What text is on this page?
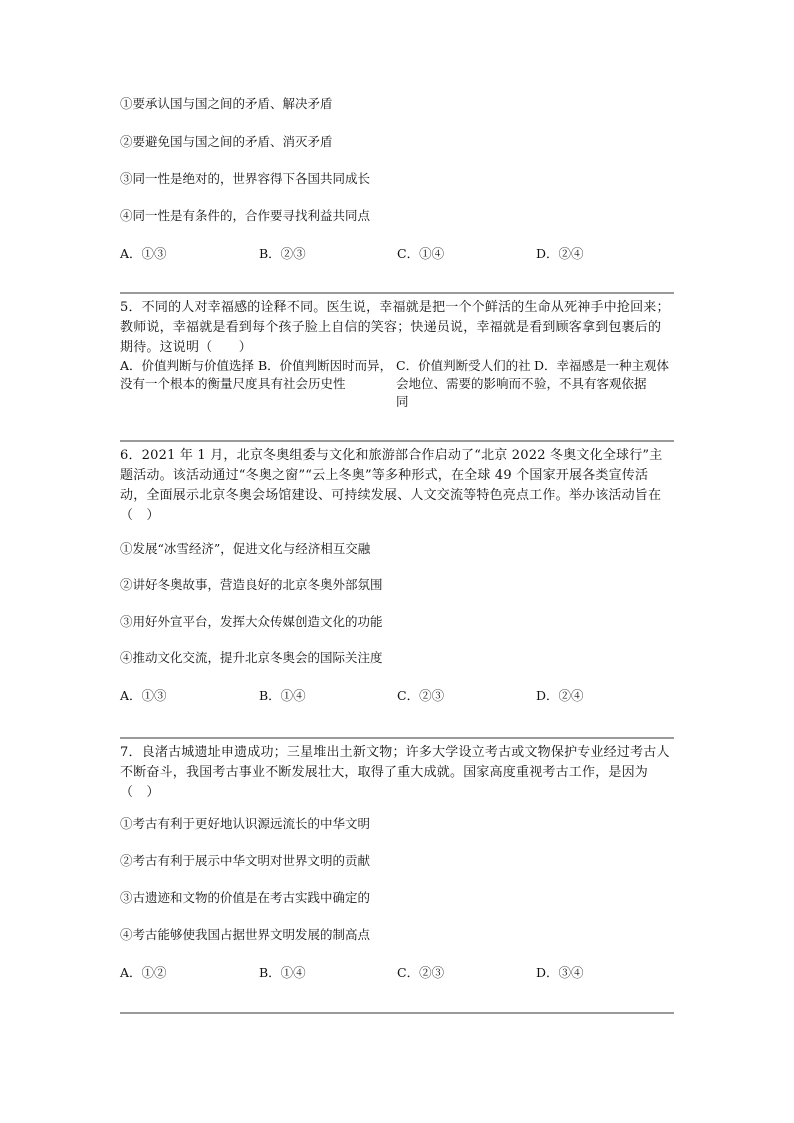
①要承认国与国之间的矛盾、解决矛盾
②要避免国与国之间的矛盾、消灭矛盾
③同一性是绝对的，世界容得下各国共同成长
④同一性是有条件的，合作要寻找利益共同点
A．①③	B．②③	C．①④	D．②④
5．不同的人对幸福感的诠释不同。医生说，幸福就是把一个个鲜活的生命从死神手中抢回来；教师说，幸福就是看到每个孩子脸上自信的笑容；快递员说，幸福就是看到顾客拿到包裹后的期待。这说明（　　）
A．价值判断与价值选择没有一个根本的衡量尺度
B．价值判断因时而异，具有社会历史性
C．价值判断受人们的社会地位、需要的影响而不同
D．幸福感是一种主观体验，不具有客观依据
6．2021 年 1 月，北京冬奥组委与文化和旅游部合作启动了“北京 2022 冬奥文化全球行”主题活动。该活动通过“冬奥之窗”“云上冬奥”等多种形式，在全球 49 个国家开展各类宣传活动，全面展示北京冬奥会场馆建设、可持续发展、人文交流等特色亮点工作。举办该活动旨在（　）
①发展“冰雪经济”，促进文化与经济相互交融
②讲好冬奥故事，营造良好的北京冬奥外部氛围
③用好外宣平台，发挥大众传媒创造文化的功能
④推动文化交流，提升北京冬奥会的国际关注度
A．①③	B．①④	C．②③	D．②④
7．良渚古城遗址申遗成功；三星堆出土新文物；许多大学设立考古或文物保护专业经过考古人不断奋斗，我国考古事业不断发展壮大，取得了重大成就。国家高度重视考古工作，是因为（　）
①考古有利于更好地认识源远流长的中华文明
②考古有利于展示中华文明对世界文明的贡献
③古遗迹和文物的价值是在考古实践中确定的
④考古能够使我国占据世界文明发展的制高点
A．①②	B．①④	C．②③	D．③④
